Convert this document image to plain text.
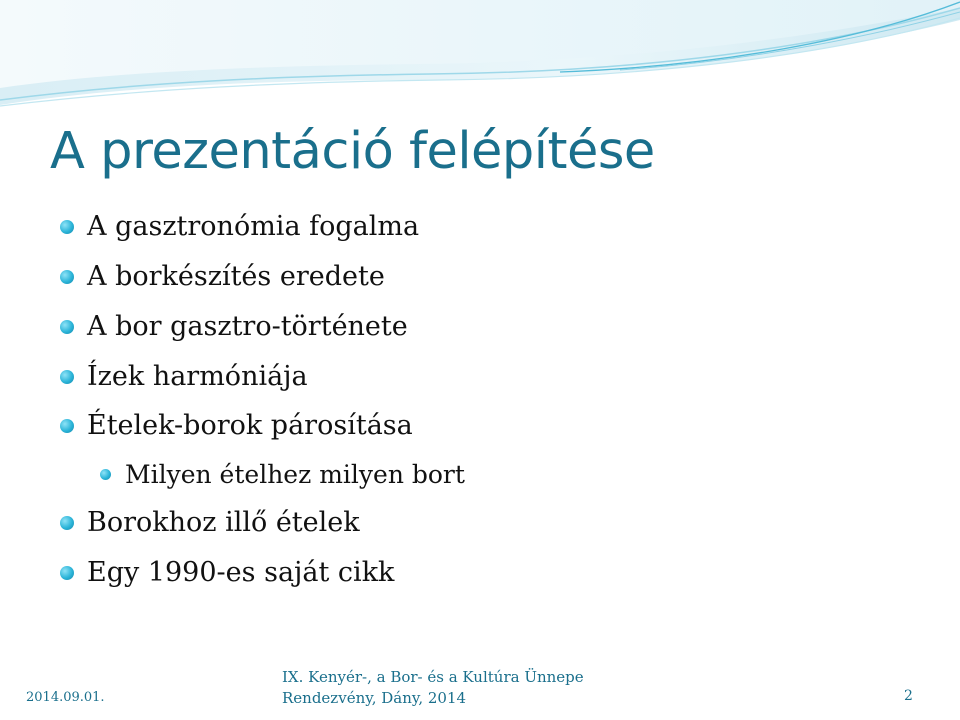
A prezentáció felépítése
A gasztronómia fogalma
A borkészítés eredete
A bor gasztro-története
Ízek harmóniája
Ételek-borok párosítása
Milyen ételhez milyen bort
Borokhoz illő ételek
Egy 1990-es saját cikk
2014.09.01.
IX. Kenyér-, a Bor- és a Kultúra Ünnepe
Rendezvény, Dány, 2014	2
